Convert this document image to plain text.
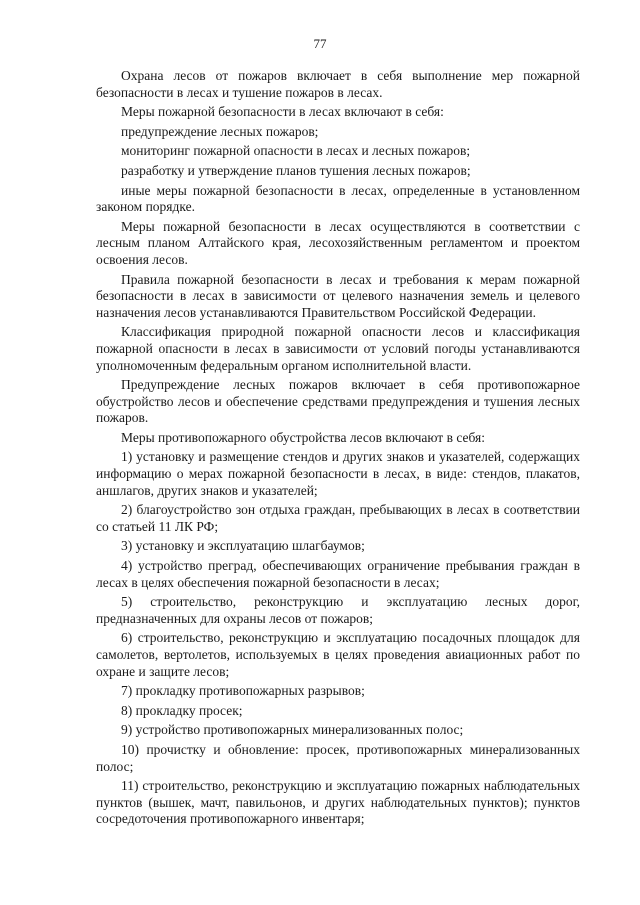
77

Охрана лесов от пожаров включает в себя выполнение мер пожарной безопасности в лесах и тушение пожаров в лесах.

Меры пожарной безопасности в лесах включают в себя:

предупреждение лесных пожаров;

мониторинг пожарной опасности в лесах и лесных пожаров;

разработку и утверждение планов тушения лесных пожаров;

иные меры пожарной безопасности в лесах, определенные в установленном законом порядке.

Меры пожарной безопасности в лесах осуществляются в соответствии с лесным планом Алтайского края, лесохозяйственным регламентом и проектом освоения лесов.

Правила пожарной безопасности в лесах и требования к мерам пожарной безопасности в лесах в зависимости от целевого назначения земель и целевого назначения лесов устанавливаются Правительством Российской Федерации.

Классификация природной пожарной опасности лесов и классификация пожарной опасности в лесах в зависимости от условий погоды устанавливаются уполномоченным федеральным органом исполнительной власти.

Предупреждение лесных пожаров включает в себя противопожарное обустройство лесов и обеспечение средствами предупреждения и тушения лесных пожаров.

Меры противопожарного обустройства лесов включают в себя:

1) установку и размещение стендов и других знаков и указателей, содержащих информацию о мерах пожарной безопасности в лесах, в виде: стендов, плакатов, аншлагов, других знаков и указателей;

2) благоустройство зон отдыха граждан, пребывающих в лесах в соответствии со статьей 11 ЛК РФ;

3) установку и эксплуатацию шлагбаумов;

4) устройство преград, обеспечивающих ограничение пребывания граждан в лесах в целях обеспечения пожарной безопасности в лесах;

5) строительство, реконструкцию и эксплуатацию лесных дорог, предназначенных для охраны лесов от пожаров;

6) строительство, реконструкцию и эксплуатацию посадочных площадок для самолетов, вертолетов, используемых в целях проведения авиационных работ по охране и защите лесов;

7) прокладку противопожарных разрывов;

8) прокладку просек;

9) устройство противопожарных минерализованных полос;

10) прочистку и обновление: просек, противопожарных минерализованных полос;

11) строительство, реконструкцию и эксплуатацию пожарных наблюдательных пунктов (вышек, мачт, павильонов, и других наблюдательных пунктов); пунктов сосредоточения противопожарного инвентаря;
